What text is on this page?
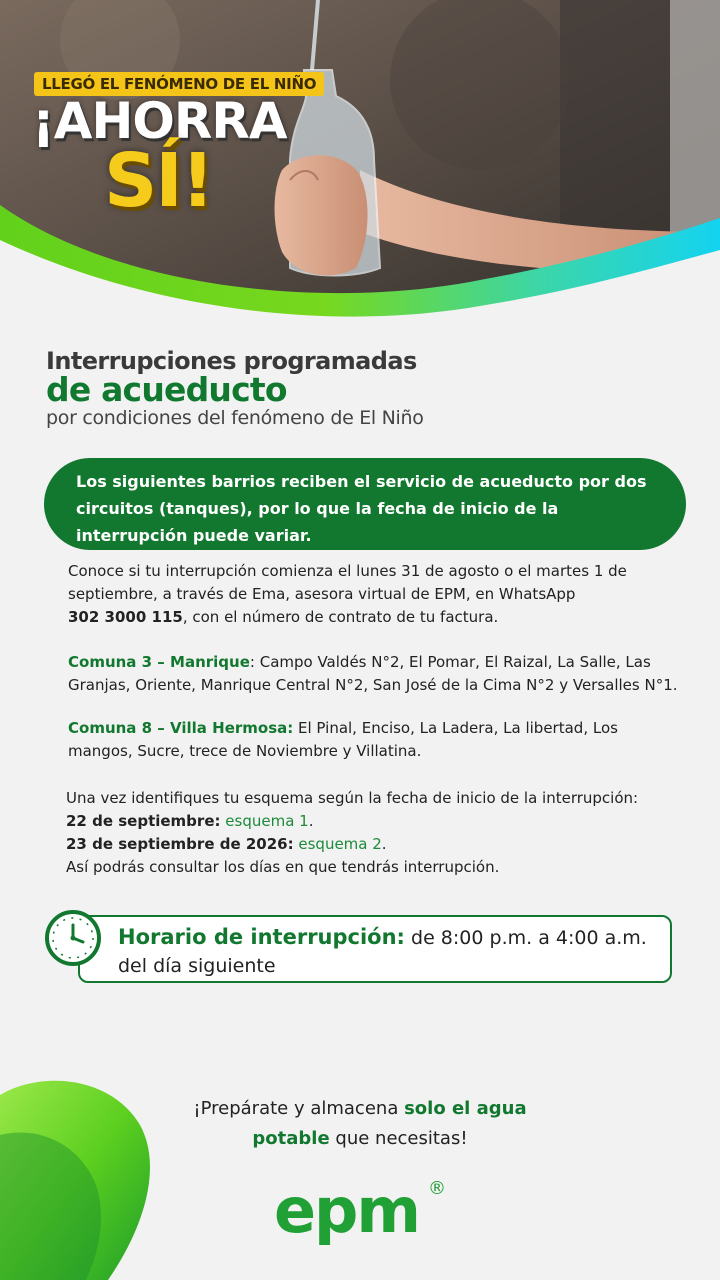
LLEGÓ EL FENÓMENO DE EL NIÑO
¡AHORRA
SÍ!
Interrupciones programadas
de acueducto
por condiciones del fenómeno de El Niño
Los siguientes barrios reciben el servicio de acueducto por dos circuitos (tanques), por lo que la fecha de inicio de la interrupción puede variar.
Conoce si tu interrupción comienza el lunes 31 de agosto o el martes 1 de septiembre, a través de Ema, asesora virtual de EPM, en WhatsApp
302 3000 115, con el número de contrato de tu factura.
Comuna 3 – Manrique: Campo Valdés N°2, El Pomar, El Raizal, La Salle, Las Granjas, Oriente, Manrique Central N°2, San José de la Cima N°2 y Versalles N°1.
Comuna 8 – Villa Hermosa: El Pinal, Enciso, La Ladera, La libertad, Los mangos, Sucre, trece de Noviembre y Villatina.
Una vez identifiques tu esquema según la fecha de inicio de la interrupción:
22 de septiembre: esquema 1.
23 de septiembre de 2026: esquema 2.
Así podrás consultar los días en que tendrás interrupción.
Horario de interrupción: de 8:00 p.m. a 4:00 a.m.
del día siguiente
¡Prepárate y almacena solo el agua
potable que necesitas!
epm ®
